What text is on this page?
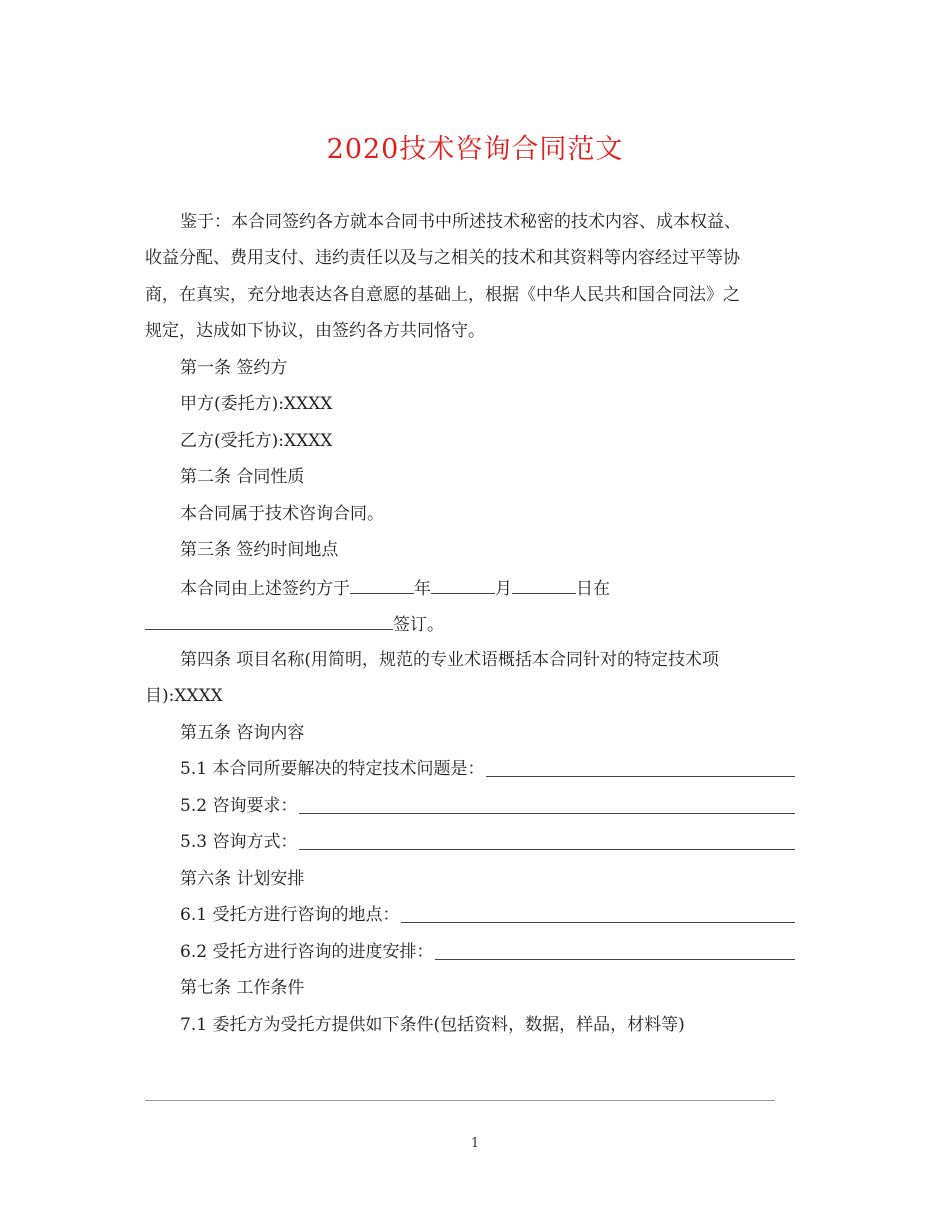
2020技术咨询合同范文
鉴于：本合同签约各方就本合同书中所述技术秘密的技术内容、成本权益、
收益分配、费用支付、违约责任以及与之相关的技术和其资料等内容经过平等协
商，在真实，充分地表达各自意愿的基础上，根据《中华人民共和国合同法》之
规定，达成如下协议，由签约各方共同恪守。
第一条 签约方
甲方(委托方):XXXX
乙方(受托方):XXXX
第二条 合同性质
本合同属于技术咨询合同。
第三条 签约时间地点
本合同由上述签约方于	年	月	日在
签订。
第四条 项目名称(用简明，规范的专业术语概括本合同针对的特定技术项
目):XXXX
第五条 咨询内容
5.1 本合同所要解决的特定技术问题是：
5.2 咨询要求：
5.3 咨询方式：
第六条 计划安排
6.1 受托方进行咨询的地点：
6.2 受托方进行咨询的进度安排：
第七条 工作条件
7.1 委托方为受托方提供如下条件(包括资料，数据，样品，材料等)
1
